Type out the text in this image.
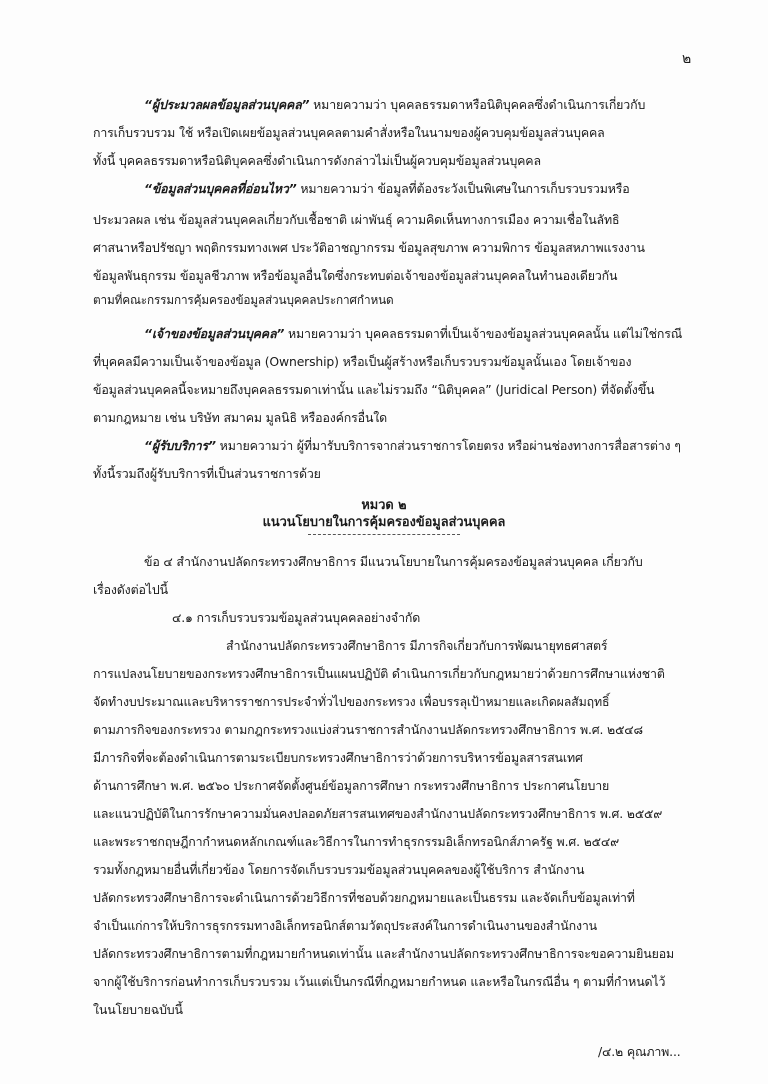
๒
“ผู้ประมวลผลข้อมูลส่วนบุคคล” หมายความว่า บุคคลธรรมดาหรือนิติบุคคลซึ่งดำเนินการเกี่ยวกับ
การเก็บรวบรวม ใช้ หรือเปิดเผยข้อมูลส่วนบุคคลตามคำสั่งหรือในนามของผู้ควบคุมข้อมูลส่วนบุคคล
ทั้งนี้ บุคคลธรรมดาหรือนิติบุคคลซึ่งดำเนินการดังกล่าวไม่เป็นผู้ควบคุมข้อมูลส่วนบุคคล
“ข้อมูลส่วนบุคคลที่อ่อนไหว” หมายความว่า ข้อมูลที่ต้องระวังเป็นพิเศษในการเก็บรวบรวมหรือ
ประมวลผล เช่น ข้อมูลส่วนบุคคลเกี่ยวกับเชื้อชาติ เผ่าพันธุ์ ความคิดเห็นทางการเมือง ความเชื่อในลัทธิ
ศาสนาหรือปรัชญา พฤติกรรมทางเพศ ประวัติอาชญากรรม ข้อมูลสุขภาพ ความพิการ ข้อมูลสหภาพแรงงาน
ข้อมูลพันธุกรรม ข้อมูลชีวภาพ หรือข้อมูลอื่นใดซึ่งกระทบต่อเจ้าของข้อมูลส่วนบุคคลในทำนองเดียวกัน
ตามที่คณะกรรมการคุ้มครองข้อมูลส่วนบุคคลประกาศกำหนด
“เจ้าของข้อมูลส่วนบุคคล” หมายความว่า บุคคลธรรมดาที่เป็นเจ้าของข้อมูลส่วนบุคคลนั้น แต่ไม่ใช่กรณี
ที่บุคคลมีความเป็นเจ้าของข้อมูล (Ownership) หรือเป็นผู้สร้างหรือเก็บรวบรวมข้อมูลนั้นเอง โดยเจ้าของ
ข้อมูลส่วนบุคคลนี้จะหมายถึงบุคคลธรรมดาเท่านั้น และไม่รวมถึง “นิติบุคคล” (Juridical Person) ที่จัดตั้งขึ้น
ตามกฎหมาย เช่น บริษัท สมาคม มูลนิธิ หรือองค์กรอื่นใด
“ผู้รับบริการ” หมายความว่า ผู้ที่มารับบริการจากส่วนราชการโดยตรง หรือผ่านช่องทางการสื่อสารต่าง ๆ
ทั้งนี้รวมถึงผู้รับบริการที่เป็นส่วนราชการด้วย
หมวด ๒
แนวนโยบายในการคุ้มครองข้อมูลส่วนบุคคล
ข้อ ๔ สำนักงานปลัดกระทรวงศึกษาธิการ มีแนวนโยบายในการคุ้มครองข้อมูลส่วนบุคคล เกี่ยวกับ
เรื่องดังต่อไปนี้
๔.๑ การเก็บรวบรวมข้อมูลส่วนบุคคลอย่างจำกัด
สำนักงานปลัดกระทรวงศึกษาธิการ มีภารกิจเกี่ยวกับการพัฒนายุทธศาสตร์
การแปลงนโยบายของกระทรวงศึกษาธิการเป็นแผนปฏิบัติ ดำเนินการเกี่ยวกับกฎหมายว่าด้วยการศึกษาแห่งชาติ
จัดทำงบประมาณและบริหารราชการประจำทั่วไปของกระทรวง เพื่อบรรลุเป้าหมายและเกิดผลสัมฤทธิ์
ตามภารกิจของกระทรวง ตามกฎกระทรวงแบ่งส่วนราชการสำนักงานปลัดกระทรวงศึกษาธิการ พ.ศ. ๒๕๔๘
มีภารกิจที่จะต้องดำเนินการตามระเบียบกระทรวงศึกษาธิการว่าด้วยการบริหารข้อมูลสารสนเทศ
ด้านการศึกษา พ.ศ. ๒๕๖๐ ประกาศจัดตั้งศูนย์ข้อมูลการศึกษา กระทรวงศึกษาธิการ ประกาศนโยบาย
และแนวปฏิบัติในการรักษาความมั่นคงปลอดภัยสารสนเทศของสำนักงานปลัดกระทรวงศึกษาธิการ พ.ศ. ๒๕๕๙
และพระราชกฤษฎีกากำหนดหลักเกณฑ์และวิธีการในการทำธุรกรรมอิเล็กทรอนิกส์ภาครัฐ พ.ศ. ๒๕๔๙
รวมทั้งกฎหมายอื่นที่เกี่ยวข้อง โดยการจัดเก็บรวบรวมข้อมูลส่วนบุคคลของผู้ใช้บริการ สำนักงาน
ปลัดกระทรวงศึกษาธิการจะดำเนินการด้วยวิธีการที่ชอบด้วยกฎหมายและเป็นธรรม และจัดเก็บข้อมูลเท่าที่
จำเป็นแก่การให้บริการธุรกรรมทางอิเล็กทรอนิกส์ตามวัตถุประสงค์ในการดำเนินงานของสำนักงาน
ปลัดกระทรวงศึกษาธิการตามที่กฎหมายกำหนดเท่านั้น และสำนักงานปลัดกระทรวงศึกษาธิการจะขอความยินยอม
จากผู้ใช้บริการก่อนทำการเก็บรวบรวม เว้นแต่เป็นกรณีที่กฎหมายกำหนด และหรือในกรณีอื่น ๆ ตามที่กำหนดไว้
ในนโยบายฉบับนี้
/๔.๒ คุณภาพ...
